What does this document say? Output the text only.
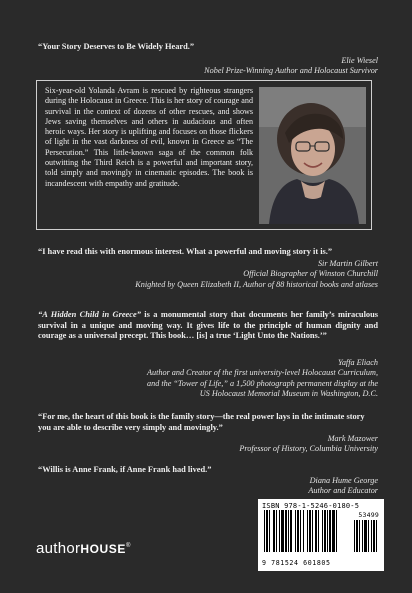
“Your Story Deserves to Be Widely Heard.”
Elie Wiesel
Nobel Prize-Winning Author and Holocaust Survivor
Six-year-old Yolanda Avram is rescued by righteous strangers during the Holocaust in Greece. This is her story of courage and survival in the context of dozens of other rescues, and shows Jews saving themselves and others in audacious and often heroic ways. Her story is uplifting and focuses on those flickers of light in the vast darkness of evil, known in Greece as “The Persecution.” This little-known saga of the common folk outwitting the Third Reich is a powerful and important story, told simply and movingly in cinematic episodes. The book is incandescent with empathy and gratitude.
“I have read this with enormous interest. What a powerful and moving story it is.”
Sir Martin Gilbert
Official Biographer of Winston Churchill
Knighted by Queen Elizabeth II, Author of 88 historical books and atlases
“A Hidden Child in Greece” is a monumental story that documents her family’s miraculous survival in a unique and moving way. It gives life to the principle of human dignity and courage as a universal precept. This book… [is] a true ‘Light Unto the Nations.’”
Yaffa Eliach
Author and Creator of the first university-level Holocaust Curriculum,
and the “Tower of Life,” a 1,500 photograph permanent display at the
US Holocaust Memorial Museum in Washington, D.C.
“For me, the heart of this book is the family story—the real power lays in the intimate story you are able to describe very simply and movingly.”
Mark Mazower
Professor of History, Columbia University
“Willis is Anne Frank, if Anne Frank had lived.”
Diana Hume George
Author and Educator
authorHOUSE®
ISBN 978-1-5246-0180-5
9 781524 601805
53499
